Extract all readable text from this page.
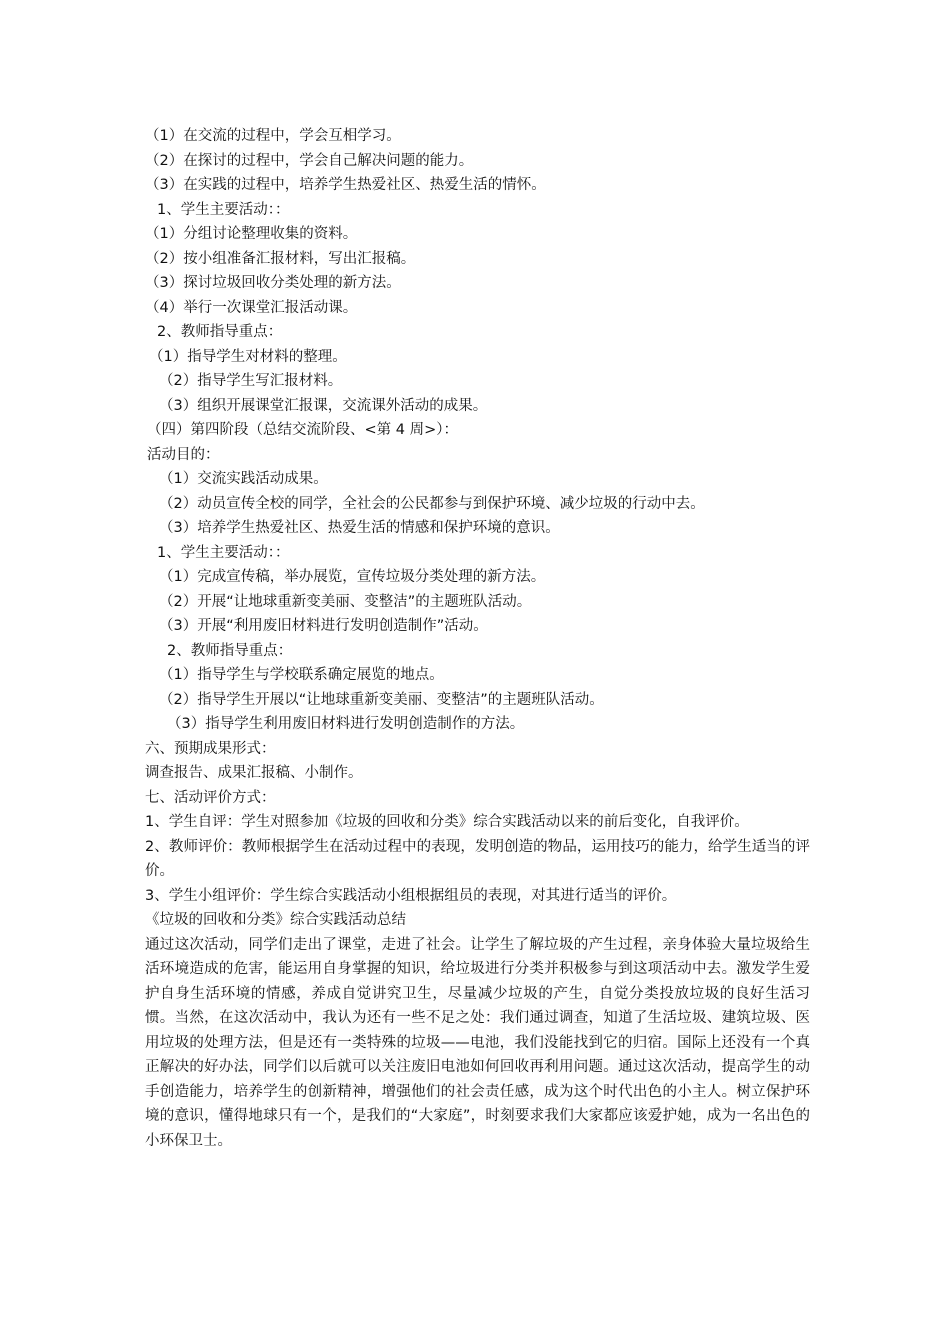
（1）在交流的过程中，学会互相学习。

（2）在探讨的过程中，学会自己解决问题的能力。

（3）在实践的过程中，培养学生热爱社区、热爱生活的情怀。

1、学生主要活动：：

（1）分组讨论整理收集的资料。

（2）按小组准备汇报材料，写出汇报稿。

（3）探讨垃圾回收分类处理的新方法。

（4）举行一次课堂汇报活动课。

2、教师指导重点：

（1）指导学生对材料的整理。

（2）指导学生写汇报材料。

（3）组织开展课堂汇报课，交流课外活动的成果。

（四）第四阶段（总结交流阶段、<第 4 周>）：

活动目的：

（1）交流实践活动成果。

（2）动员宣传全校的同学，全社会的公民都参与到保护环境、减少垃圾的行动中去。

（3）培养学生热爱社区、热爱生活的情感和保护环境的意识。

1、学生主要活动：：

（1）完成宣传稿，举办展览，宣传垃圾分类处理的新方法。

（2）开展“让地球重新变美丽、变整洁”的主题班队活动。

（3）开展“利用废旧材料进行发明创造制作”活动。

2、教师指导重点：

（1）指导学生与学校联系确定展览的地点。

（2）指导学生开展以“让地球重新变美丽、变整洁”的主题班队活动。

（3）指导学生利用废旧材料进行发明创造制作的方法。

六、预期成果形式：

调查报告、成果汇报稿、小制作。

七、活动评价方式：

1、学生自评：学生对照参加《垃圾的回收和分类》综合实践活动以来的前后变化，自我评价。

2、教师评价：教师根据学生在活动过程中的表现，发明创造的物品，运用技巧的能力，给学生适当的评价。

3、学生小组评价：学生综合实践活动小组根据组员的表现，对其进行适当的评价。

《垃圾的回收和分类》综合实践活动总结

通过这次活动，同学们走出了课堂，走进了社会。让学生了解垃圾的产生过程，亲身体验大量垃圾给生活环境造成的危害，能运用自身掌握的知识，给垃圾进行分类并积极参与到这项活动中去。激发学生爱护自身生活环境的情感，养成自觉讲究卫生，尽量减少垃圾的产生，自觉分类投放垃圾的良好生活习惯。当然，在这次活动中，我认为还有一些不足之处：我们通过调查，知道了生活垃圾、建筑垃圾、医用垃圾的处理方法，但是还有一类特殊的垃圾——电池，我们没能找到它的归宿。国际上还没有一个真正解决的好办法，同学们以后就可以关注废旧电池如何回收再利用问题。通过这次活动，提高学生的动手创造能力，培养学生的创新精神，增强他们的社会责任感，成为这个时代出色的小主人。树立保护环境的意识，懂得地球只有一个，是我们的“大家庭”，时刻要求我们大家都应该爱护她，成为一名出色的小环保卫士。
